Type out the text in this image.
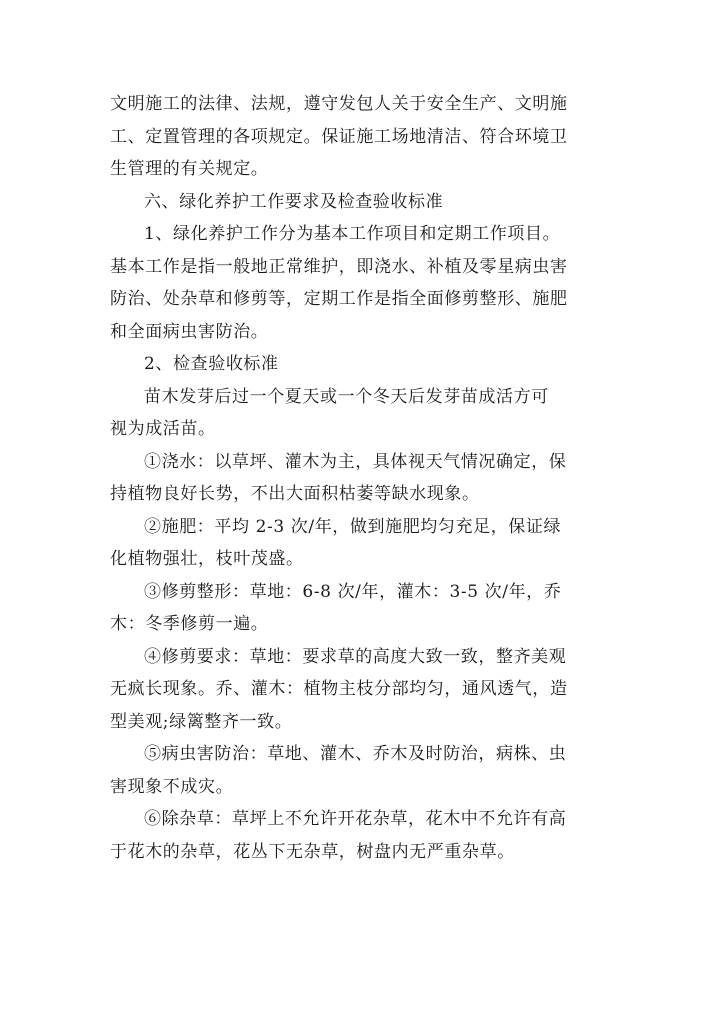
文明施工的法律、法规，遵守发包人关于安全生产、文明施
工、定置管理的各项规定。保证施工场地清洁、符合环境卫
生管理的有关规定。
六、绿化养护工作要求及检查验收标准
1、绿化养护工作分为基本工作项目和定期工作项目。
基本工作是指一般地正常维护，即浇水、补植及零星病虫害
防治、处杂草和修剪等，定期工作是指全面修剪整形、施肥
和全面病虫害防治。
2、检查验收标准
苗木发芽后过一个夏天或一个冬天后发芽苗成活方可
视为成活苗。
①浇水：以草坪、灌木为主，具体视天气情况确定，保
持植物良好长势，不出大面积枯萎等缺水现象。
②施肥：平均 2-3 次/年，做到施肥均匀充足，保证绿
化植物强壮，枝叶茂盛。
③修剪整形：草地：6-8 次/年，灌木：3-5 次/年，乔
木：冬季修剪一遍。
④修剪要求：草地：要求草的高度大致一致，整齐美观
无疯长现象。乔、灌木：植物主枝分部均匀，通风透气，造
型美观;绿篱整齐一致。
⑤病虫害防治：草地、灌木、乔木及时防治，病株、虫
害现象不成灾。
⑥除杂草：草坪上不允许开花杂草，花木中不允许有高
于花木的杂草，花丛下无杂草，树盘内无严重杂草。
